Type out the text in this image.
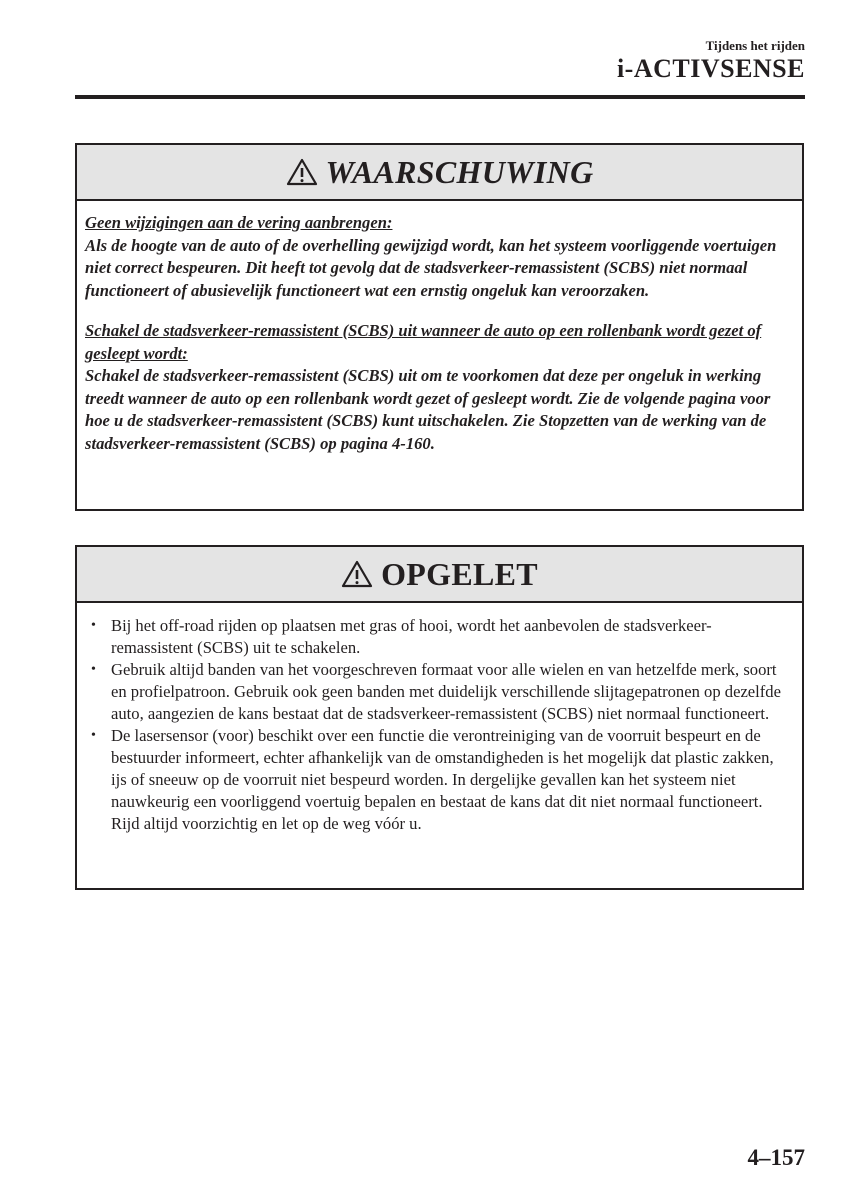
Tijdens het rijden
i-ACTIVSENSE
WAARSCHUWING
Geen wijzigingen aan de vering aanbrengen:
Als de hoogte van de auto of de overhelling gewijzigd wordt, kan het systeem voorliggende voertuigen niet correct bespeuren. Dit heeft tot gevolg dat de stadsverkeer-remassistent (SCBS) niet normaal functioneert of abusievelijk functioneert wat een ernstig ongeluk kan veroorzaken.
Schakel de stadsverkeer-remassistent (SCBS) uit wanneer de auto op een rollenbank wordt gezet of gesleept wordt:
Schakel de stadsverkeer-remassistent (SCBS) uit om te voorkomen dat deze per ongeluk in werking treedt wanneer de auto op een rollenbank wordt gezet of gesleept wordt. Zie de volgende pagina voor hoe u de stadsverkeer-remassistent (SCBS) kunt uitschakelen. Zie Stopzetten van de werking van de stadsverkeer-remassistent (SCBS) op pagina 4-160.
OPGELET
• Bij het off-road rijden op plaatsen met gras of hooi, wordt het aanbevolen de stadsverkeer-remassistent (SCBS) uit te schakelen.
• Gebruik altijd banden van het voorgeschreven formaat voor alle wielen en van hetzelfde merk, soort en profielpatroon. Gebruik ook geen banden met duidelijk verschillende slijtagepatronen op dezelfde auto, aangezien de kans bestaat dat de stadsverkeer-remassistent (SCBS) niet normaal functioneert.
• De lasersensor (voor) beschikt over een functie die verontreiniging van de voorruit bespeurt en de bestuurder informeert, echter afhankelijk van de omstandigheden is het mogelijk dat plastic zakken, ijs of sneeuw op de voorruit niet bespeurd worden. In dergelijke gevallen kan het systeem niet nauwkeurig een voorliggend voertuig bepalen en bestaat de kans dat dit niet normaal functioneert. Rijd altijd voorzichtig en let op de weg vóór u.
4–157
